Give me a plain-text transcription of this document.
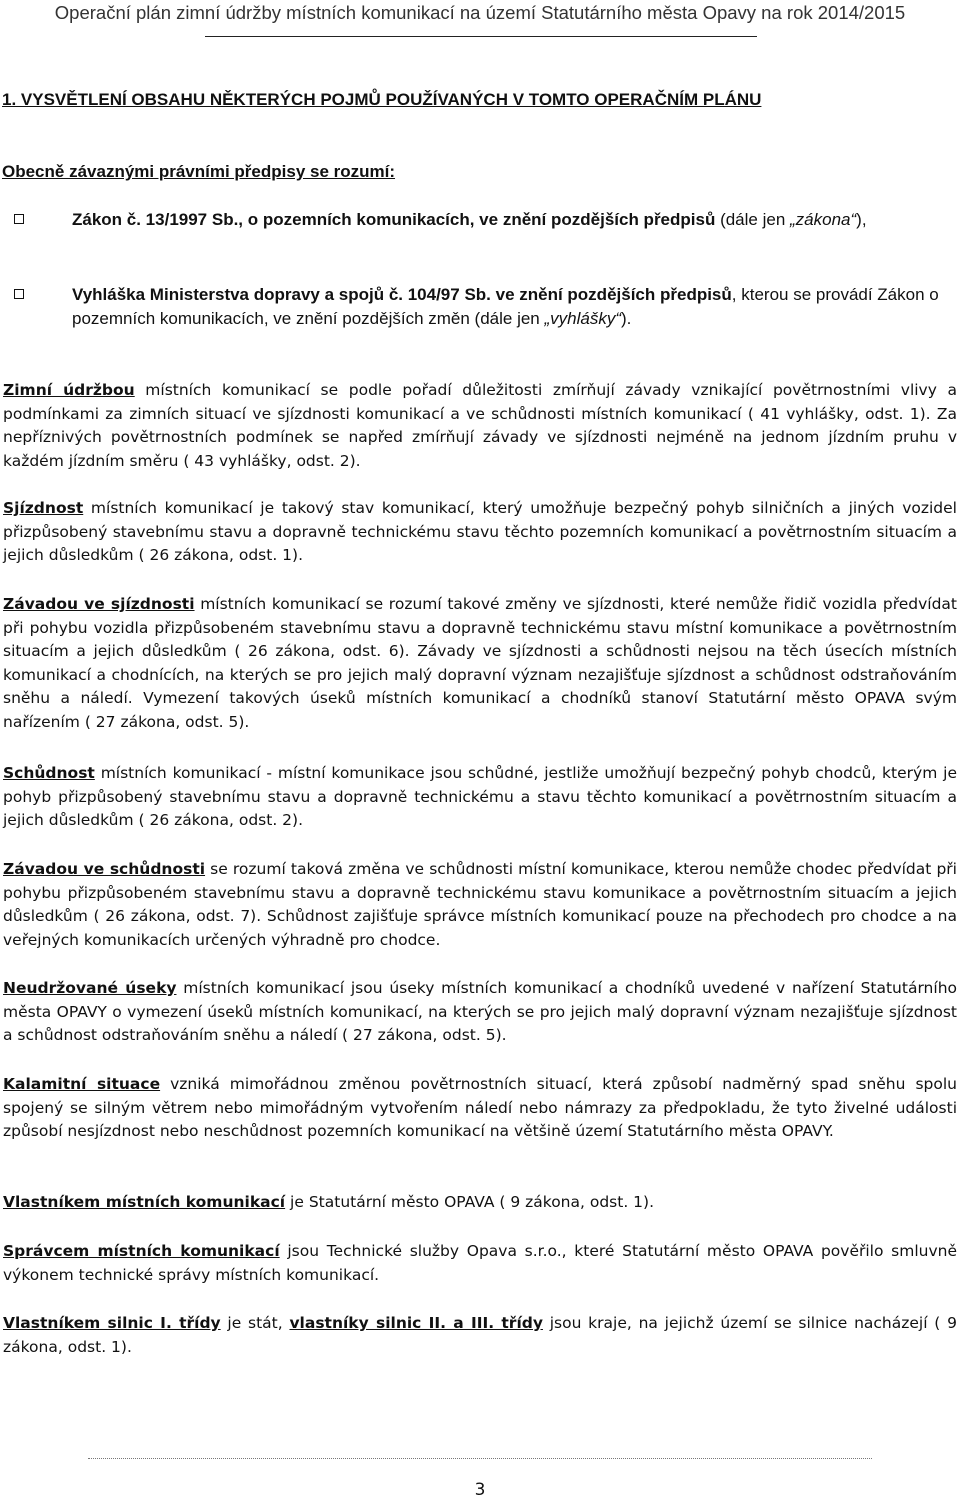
Operační plán zimní údržby místních komunikací na území Statutárního města Opavy na rok 2014/2015
1. VYSVĚTLENÍ OBSAHU NĚKTERÝCH POJMŮ POUŽÍVANÝCH V TOMTO OPERAČNÍM PLÁNU
Obecně závaznými právními předpisy se rozumí:
Zákon č. 13/1997 Sb., o pozemních komunikacích, ve znění pozdějších předpisů (dále jen „zákona“),
Vyhláška Ministerstva dopravy a spojů č. 104/97 Sb. ve znění pozdějších předpisů, kterou se provádí Zákon o pozemních komunikacích, ve znění pozdějších změn (dále jen „vyhlášky“).
Zimní údržbou místních komunikací se podle pořadí důležitosti zmírňují závady vznikající povětrnostními vlivy a podmínkami za zimních situací ve sjízdnosti komunikací a ve schůdnosti místních komunikací ( 41 vyhlášky, odst. 1). Za nepříznivých povětrnostních podmínek se napřed zmírňují závady ve sjízdnosti nejméně na jednom jízdním pruhu v každém jízdním směru ( 43 vyhlášky, odst. 2).
Sjízdnost místních komunikací je takový stav komunikací, který umožňuje bezpečný pohyb silničních a jiných vozidel přizpůsobený stavebnímu stavu a dopravně technickému stavu těchto pozemních komunikací a povětrnostním situacím a jejich důsledkům ( 26 zákona, odst. 1).
Závadou ve sjízdnosti místních komunikací se rozumí takové změny ve sjízdnosti, které nemůže řidič vozidla předvídat při pohybu vozidla přizpůsobeném stavebnímu stavu a dopravně technickému stavu místní komunikace a povětrnostním situacím a jejich důsledkům ( 26 zákona, odst. 6). Závady ve sjízdnosti a schůdnosti nejsou na těch úsecích místních komunikací a chodnících, na kterých se pro jejich malý dopravní význam nezajišťuje sjízdnost a schůdnost odstraňováním sněhu a náledí. Vymezení takových úseků místních komunikací a chodníků stanoví Statutární město OPAVA svým nařízením ( 27 zákona, odst. 5).
Schůdnost místních komunikací - místní komunikace jsou schůdné, jestliže umožňují bezpečný pohyb chodců, kterým je pohyb přizpůsobený stavebnímu stavu a dopravně technickému a stavu těchto komunikací a povětrnostním situacím a jejich důsledkům ( 26 zákona, odst. 2).
Závadou ve schůdnosti se rozumí taková změna ve schůdnosti místní komunikace, kterou nemůže chodec předvídat při pohybu přizpůsobeném stavebnímu stavu a dopravně technickému stavu komunikace a povětrnostním situacím a jejich důsledkům ( 26 zákona, odst. 7). Schůdnost zajišťuje správce místních komunikací pouze na přechodech pro chodce a na veřejných komunikacích určených výhradně pro chodce.
Neudržované úseky místních komunikací jsou úseky místních komunikací a chodníků uvedené v nařízení Statutárního města OPAVY o vymezení úseků místních komunikací, na kterých se pro jejich malý dopravní význam nezajišťuje sjízdnost a schůdnost odstraňováním sněhu a náledí ( 27 zákona, odst. 5).
Kalamitní situace vzniká mimořádnou změnou povětrnostních situací, která způsobí nadměrný spad sněhu spolu spojený se silným větrem nebo mimořádným vytvořením náledí nebo námrazy za předpokladu, že tyto živelné události způsobí nesjízdnost nebo neschůdnost pozemních komunikací na většině území Statutárního města OPAVY.
Vlastníkem místních komunikací je Statutární město OPAVA ( 9 zákona, odst. 1).
Správcem místních komunikací jsou Technické služby Opava s.r.o., které Statutární město OPAVA pověřilo smluvně výkonem technické správy místních komunikací.
Vlastníkem silnic I. třídy je stát, vlastníky silnic II. a III. třídy jsou kraje, na jejichž území se silnice nacházejí ( 9 zákona, odst. 1).
3
